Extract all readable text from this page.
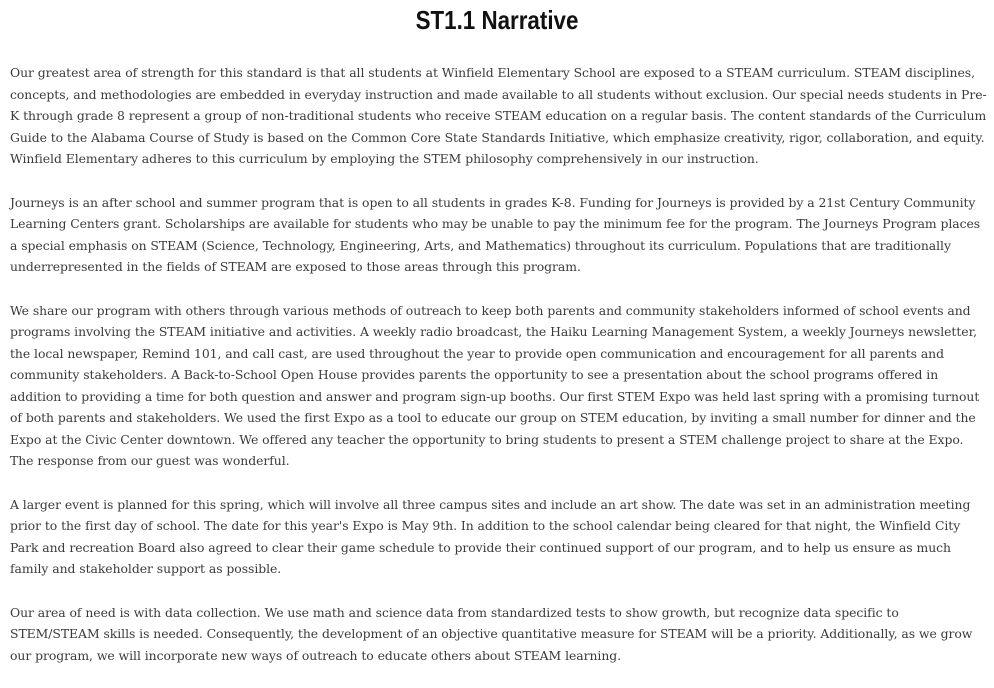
ST1.1 Narrative

Our greatest area of strength for this standard is that all students at Winfield Elementary School are exposed to a STEAM curriculum. STEAM disciplines, concepts, and methodologies are embedded in everyday instruction and made available to all students without exclusion. Our special needs students in Pre-K through grade 8 represent a group of non-traditional students who receive STEAM education on a regular basis. The content standards of the Curriculum Guide to the Alabama Course of Study is based on the Common Core State Standards Initiative, which emphasize creativity, rigor, collaboration, and equity. Winfield Elementary adheres to this curriculum by employing the STEM philosophy comprehensively in our instruction.

Journeys is an after school and summer program that is open to all students in grades K-8. Funding for Journeys is provided by a 21st Century Community Learning Centers grant. Scholarships are available for students who may be unable to pay the minimum fee for the program. The Journeys Program places a special emphasis on STEAM (Science, Technology, Engineering, Arts, and Mathematics) throughout its curriculum. Populations that are traditionally underrepresented in the fields of STEAM are exposed to those areas through this program.

We share our program with others through various methods of outreach to keep both parents and community stakeholders informed of school events and programs involving the STEAM initiative and activities. A weekly radio broadcast, the Haiku Learning Management System, a weekly Journeys newsletter, the local newspaper, Remind 101, and call cast, are used throughout the year to provide open communication and encouragement for all parents and community stakeholders. A Back-to-School Open House provides parents the opportunity to see a presentation about the school programs offered in addition to providing a time for both question and answer and program sign-up booths. Our first STEM Expo was held last spring with a promising turnout of both parents and stakeholders. We used the first Expo as a tool to educate our group on STEM education, by inviting a small number for dinner and the Expo at the Civic Center downtown. We offered any teacher the opportunity to bring students to present a STEM challenge project to share at the Expo. The response from our guest was wonderful.

A larger event is planned for this spring, which will involve all three campus sites and include an art show. The date was set in an administration meeting prior to the first day of school. The date for this year's Expo is May 9th. In addition to the school calendar being cleared for that night, the Winfield City Park and recreation Board also agreed to clear their game schedule to provide their continued support of our program, and to help us ensure as much family and stakeholder support as possible.

Our area of need is with data collection. We use math and science data from standardized tests to show growth, but recognize data specific to STEM/STEAM skills is needed. Consequently, the development of an objective quantitative measure for STEAM will be a priority. Additionally, as we grow our program, we will incorporate new ways of outreach to educate others about STEAM learning.
